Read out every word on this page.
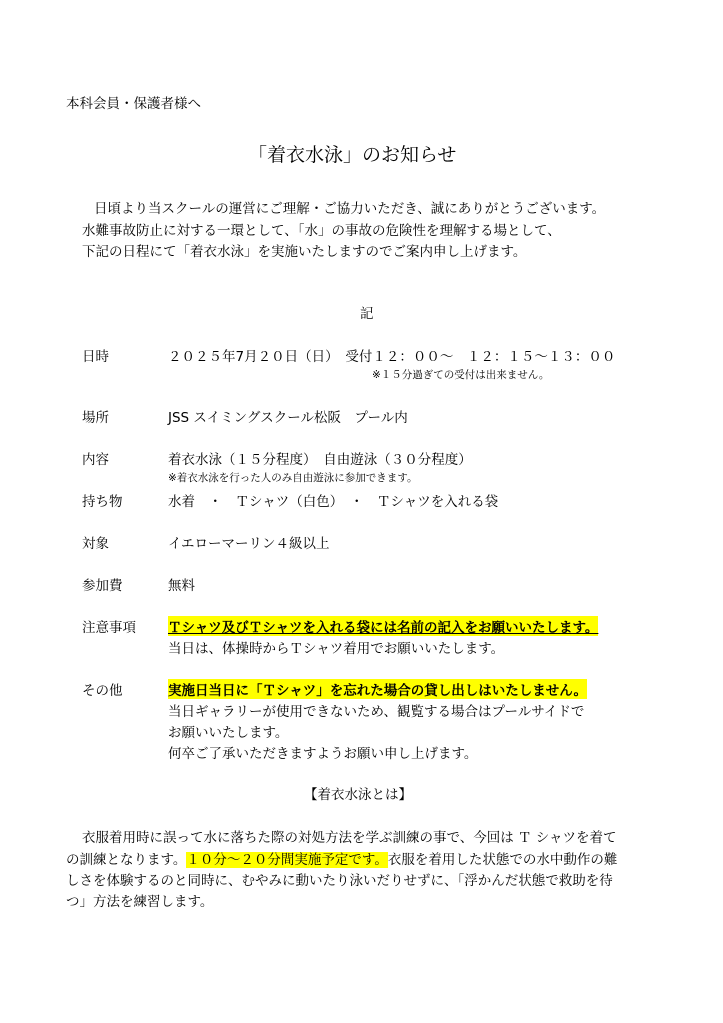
本科会員・保護者様へ
「着衣水泳」のお知らせ
日頃より当スクールの運営にご理解・ご協力いただき、誠にありがとうございます。
水難事故防止に対する一環として、「水」の事故の危険性を理解する場として、
下記の日程にて「着衣水泳」を実施いたしますのでご案内申し上げます。
記
日時	２０２５年7月２０日（日）　受付１２：００～　１２：１５～１３：００
※１５分過ぎての受付は出来ません。
場所	JSS スイミングスクール松阪　プール内
内容	着衣水泳（１５分程度）　自由遊泳（３０分程度）
※着衣水泳を行った人のみ自由遊泳に参加できます。
持ち物	水着　・　Ｔシャツ（白色）　・　Ｔシャツを入れる袋
対象	イエローマーリン４級以上
参加費	無料
注意事項 Ｔシャツ及びＴシャツを入れる袋には名前の記入をお願いいたします。
当日は、体操時からＴシャツ着用でお願いいたします。
その他	実施日当日に「Ｔシャツ」を忘れた場合の貸し出しはいたしません。
当日ギャラリーが使用できないため、観覧する場合はプールサイドで
お願いいたします。
何卒ご了承いただきますようお願い申し上げます。
【着衣水泳とは】
衣服着用時に誤って水に落ちた際の対処方法を学ぶ訓練の事で、今回は Ｔ シャツを着て
の訓練となります。１０分～２０分間実施予定です。衣服を着用した状態での水中動作の難
しさを体験するのと同時に、むやみに動いたり泳いだりせずに、「浮かんだ状態で救助を待
つ」方法を練習します。
